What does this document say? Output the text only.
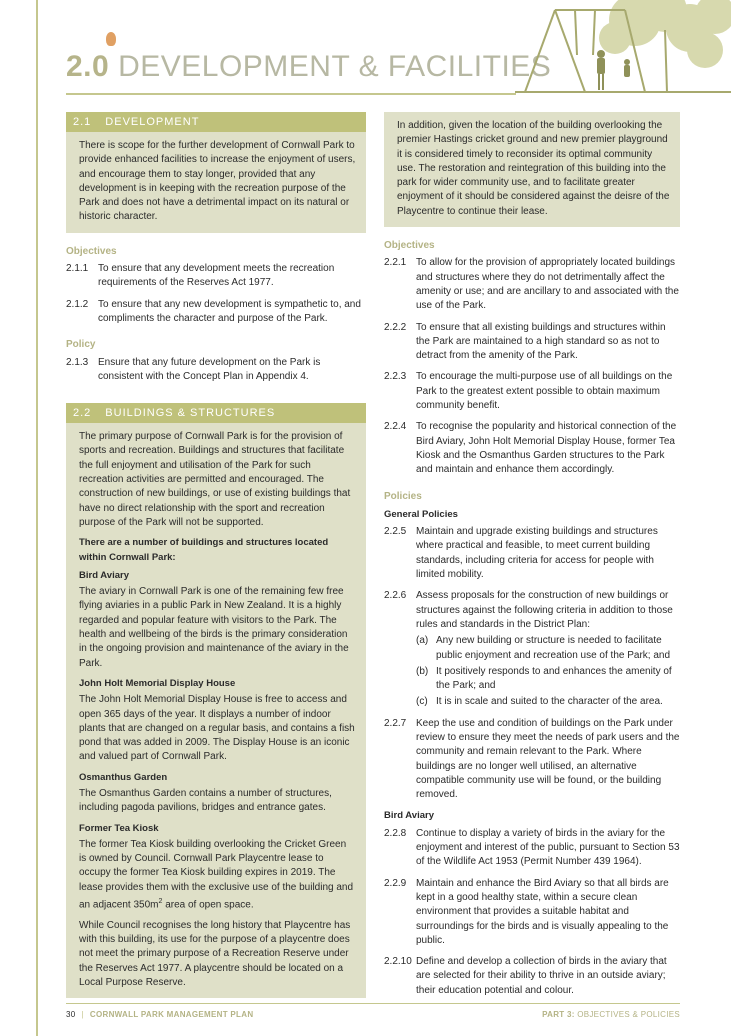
2.0 DEVELOPMENT & FACILITIES
2.1 DEVELOPMENT

There is scope for the further development of Cornwall Park to provide enhanced facilities to increase the enjoyment of users, and encourage them to stay longer, provided that any development is in keeping with the recreation purpose of the Park and does not have a detrimental impact on its natural or historic character.

Objectives
2.1.1 To ensure that any development meets the recreation requirements of the Reserves Act 1977.
2.1.2 To ensure that any new development is sympathetic to, and compliments the character and purpose of the Park.
Policy
2.1.3 Ensure that any future development on the Park is consistent with the Concept Plan in Appendix 4.
2.2 BUILDINGS & STRUCTURES

The primary purpose of Cornwall Park is for the provision of sports and recreation. Buildings and structures that facilitate the full enjoyment and utilisation of the Park for such recreation activities are permitted and encouraged. The construction of new buildings, or use of existing buildings that have no direct relationship with the sport and recreation purpose of the Park will not be supported.

There are a number of buildings and structures located within Cornwall Park:
Bird Aviary

The aviary in Cornwall Park is one of the remaining few free flying aviaries in a public Park in New Zealand. It is a highly regarded and popular feature with visitors to the Park. The health and wellbeing of the birds is the primary consideration in the ongoing provision and maintenance of the aviary in the Park.

John Holt Memorial Display House

The John Holt Memorial Display House is free to access and open 365 days of the year. It displays a number of indoor plants that are changed on a regular basis, and contains a fish pond that was added in 2009. The Display House is an iconic and valued part of Cornwall Park.

Osmanthus Garden

The Osmanthus Garden contains a number of structures, including pagoda pavilions, bridges and entrance gates.

Former Tea Kiosk

The former Tea Kiosk building overlooking the Cricket Green is owned by Council. Cornwall Park Playcentre lease to occupy the former Tea Kiosk building expires in 2019. The lease provides them with the exclusive use of the building and an adjacent $350m^2$ area of open space.

While Council recognises the long history that Playcentre has with this building, its use for the purpose of a playcentre does not meet the primary purpose of a Recreation Reserve under the Reserves Act 1977. A playcentre should be located on a Local Purpose Reserve.

In addition, given the location of the building overlooking the premier Hastings cricket ground and new premier playground it is considered timely to reconsider its optimal community use. The restoration and reintegration of this building into the park for wider community use, and to facilitate greater enjoyment of it should be considered against the deisre of the Playcentre to continue their lease.

Objectives
2.2.1 To allow for the provision of appropriately located buildings and structures where they do not detrimentally affect the amenity or use; and are ancillary to and associated with the use of the Park.
2.2.2 To ensure that all existing buildings and structures within the Park are maintained to a high standard so as not to detract from the amenity of the Park.
2.2.3 To encourage the multi-purpose use of all buildings on the Park to the greatest extent possible to obtain maximum community benefit.
2.2.4 To recognise the popularity and historical connection of the Bird Aviary, John Holt Memorial Display House, former Tea Kiosk and the Osmanthus Garden structures to the Park and maintain and enhance them accordingly.
Policies
General Policies
2.2.5 Maintain and upgrade existing buildings and structures where practical and feasible, to meet current building standards, including criteria for access for people with limited mobility.
2.2.6 Assess proposals for the construction of new buildings or structures against the following criteria in addition to those rules and standards in the District Plan:
(a) Any new building or structure is needed to facilitate public enjoyment and recreation use of the Park; and
(b) It positively responds to and enhances the amenity of the Park; and
(c) It is in scale and suited to the character of the area.
2.2.7 Keep the use and condition of buildings on the Park under review to ensure they meet the needs of park users and the community and remain relevant to the Park. Where buildings are no longer well utilised, an alternative compatible community use will be found, or the building removed.
Bird Aviary
2.2.8 Continue to display a variety of birds in the aviary for the enjoyment and interest of the public, pursuant to Section 53 of the Wildlife Act 1953 (Permit Number 439 1964).
2.2.9 Maintain and enhance the Bird Aviary so that all birds are kept in a good healthy state, within a secure clean environment that provides a suitable habitat and surroundings for the birds and is visually appealing to the public.
2.2.10 Define and develop a collection of birds in the aviary that are selected for their ability to thrive in an outside aviary; their education potential and colour.
30 | CORNWALL PARK MANAGEMENT PLAN	PART 3: OBJECTIVES & POLICIES
